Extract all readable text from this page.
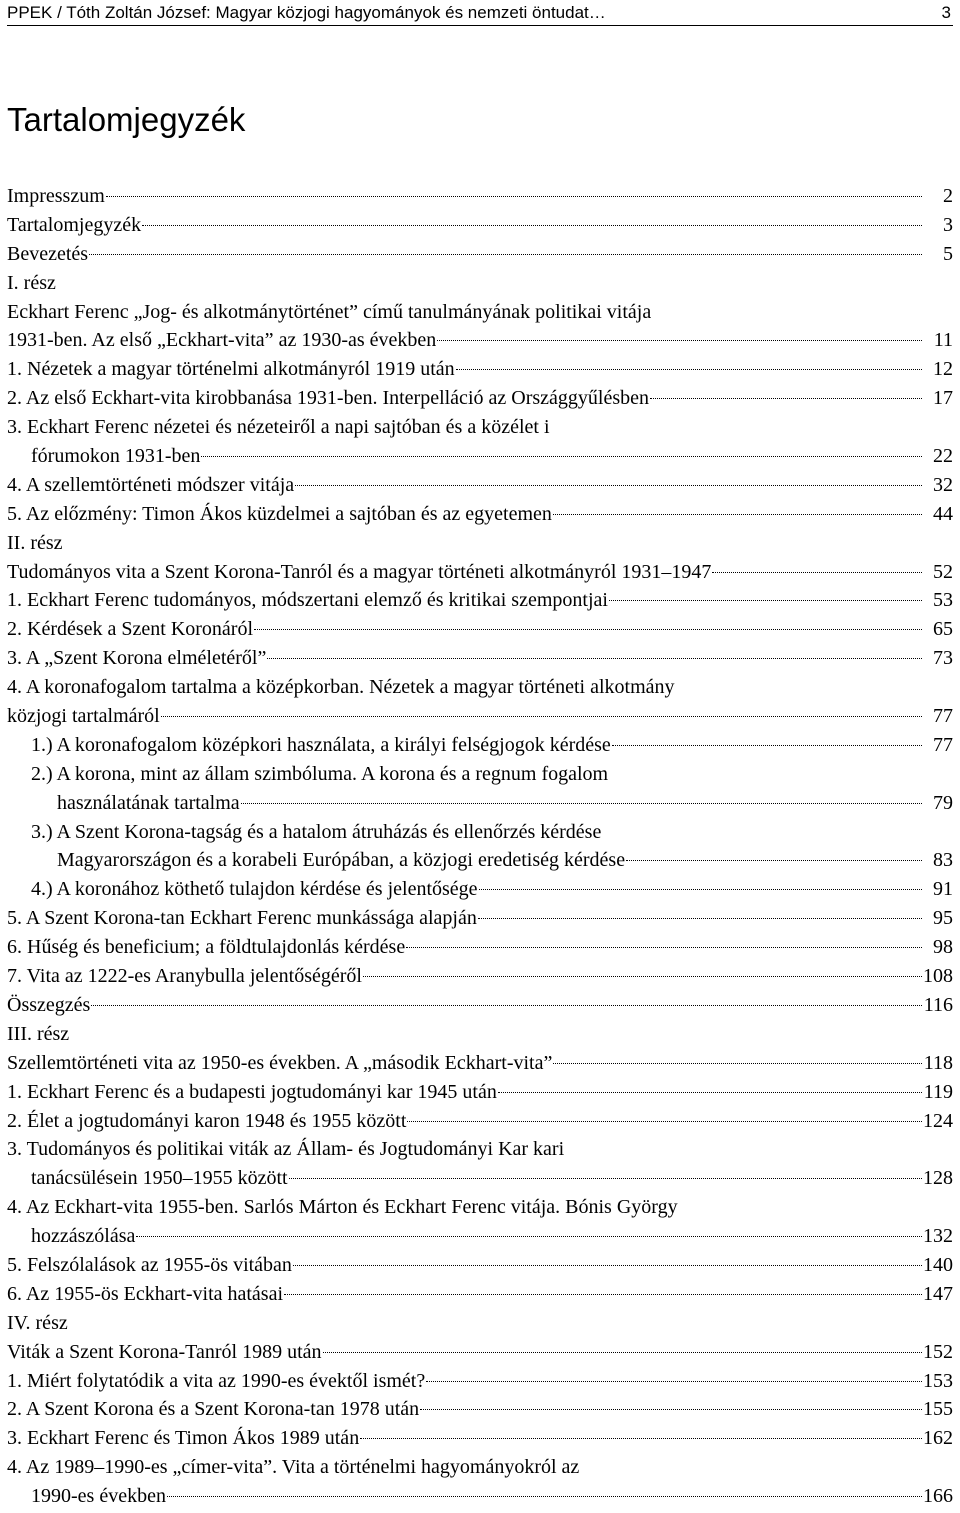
PPEK / Tóth Zoltán József: Magyar közjogi hagyományok és nemzeti öntudat…	3
Tartalomjegyzék
Impresszum	2
Tartalomjegyzék	3
Bevezetés	5
I. rész
Eckhart Ferenc „Jog- és alkotmánytörténet” című tanulmányának politikai vitája
1931-ben. Az első „Eckhart-vita” az 1930-as években	11
1. Nézetek a magyar történelmi alkotmányról 1919 után	12
2. Az első Eckhart-vita kirobbanása 1931-ben. Interpelláció az Országgyűlésben	17
3. Eckhart Ferenc nézetei és nézeteiről a napi sajtóban és a közélet i
fórumokon 1931-ben	22
4. A szellemtörténeti módszer vitája	32
5. Az előzmény: Timon Ákos küzdelmei a sajtóban és az egyetemen	44
II. rész
Tudományos vita a Szent Korona-Tanról és a magyar történeti alkotmányról 1931–1947	52
1. Eckhart Ferenc tudományos, módszertani elemző és kritikai szempontjai	53
2. Kérdések a Szent Koronáról	65
3. A „Szent Korona elméletéről”	73
4. A koronafogalom tartalma a középkorban. Nézetek a magyar történeti alkotmány
közjogi tartalmáról	77
1.) A koronafogalom középkori használata, a királyi felségjogok kérdése	77
2.) A korona, mint az állam szimbóluma. A korona és a regnum fogalom
használatának tartalma	79
3.) A Szent Korona-tagság és a hatalom átruházás és ellenőrzés kérdése
Magyarországon és a korabeli Európában, a közjogi eredetiség kérdése	83
4.) A koronához köthető tulajdon kérdése és jelentősége	91
5. A Szent Korona-tan Eckhart Ferenc munkássága alapján	95
6. Hűség és beneficium; a földtulajdonlás kérdése	98
7. Vita az 1222-es Aranybulla jelentőségéről	108
Összegzés	116
III. rész
Szellemtörténeti vita az 1950-es években. A „második Eckhart-vita”	118
1. Eckhart Ferenc és a budapesti jogtudományi kar 1945 után	119
2. Élet a jogtudományi karon 1948 és 1955 között	124
3. Tudományos és politikai viták az Állam- és Jogtudományi Kar kari
tanácsülésein 1950–1955 között	128
4. Az Eckhart-vita 1955-ben. Sarlós Márton és Eckhart Ferenc vitája. Bónis György
hozzászólása	132
5. Felszólalások az 1955-ös vitában	140
6. Az 1955-ös Eckhart-vita hatásai	147
IV. rész
Viták a Szent Korona-Tanról 1989 után	152
1. Miért folytatódik a vita az 1990-es évektől ismét?	153
2. A Szent Korona és a Szent Korona-tan 1978 után	155
3. Eckhart Ferenc és Timon Ákos 1989 után	162
4. Az 1989–1990-es „címer-vita”. Vita a történelmi hagyományokról az
1990-es években	166
